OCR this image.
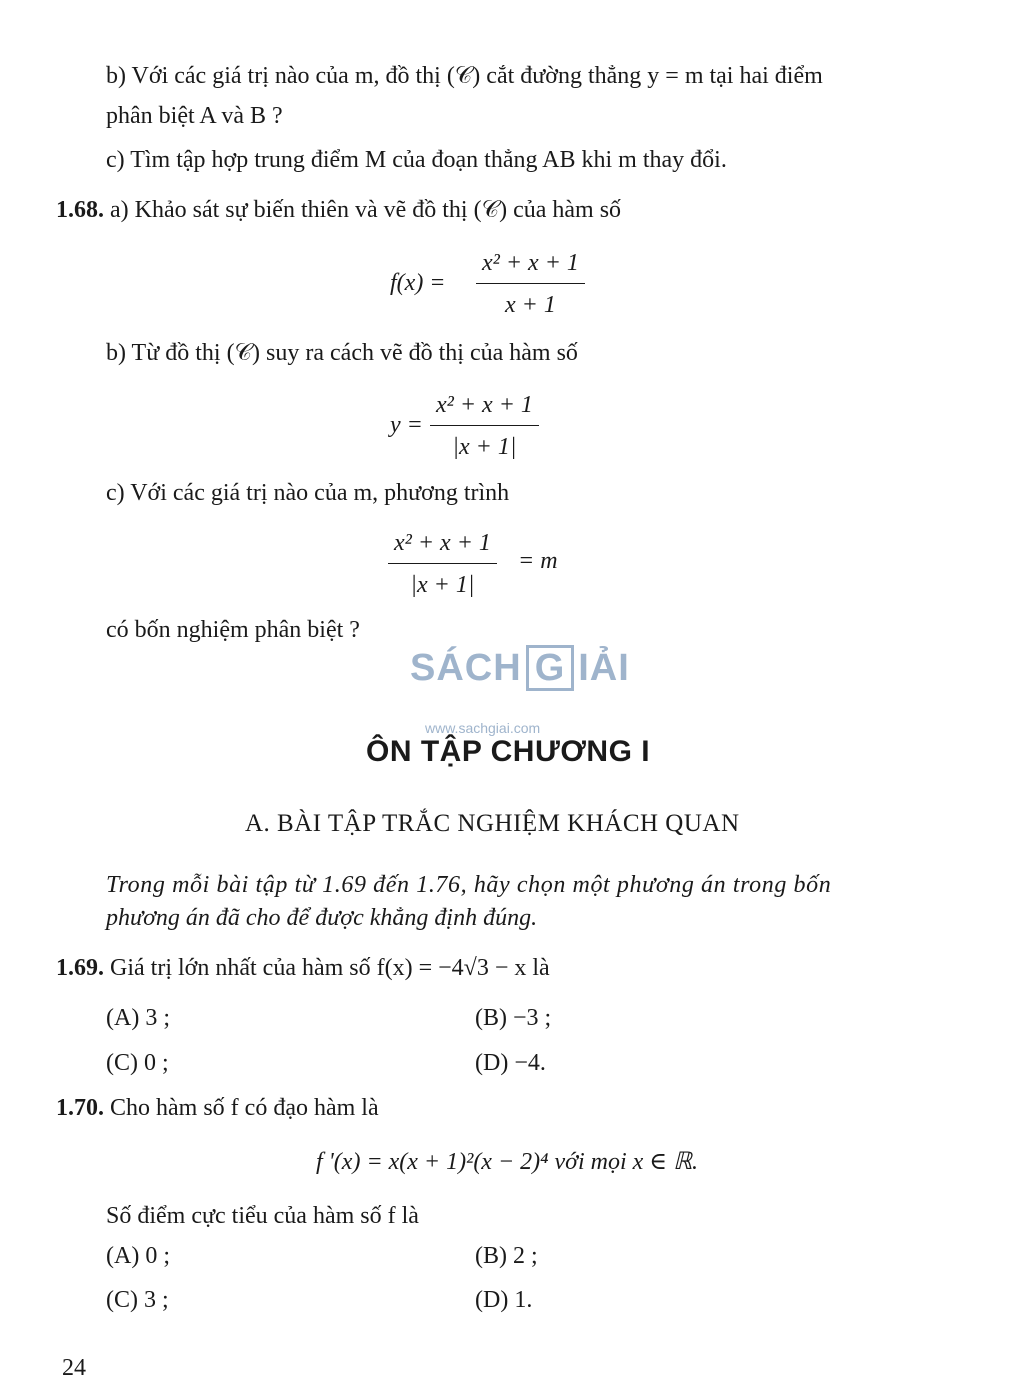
b) Với các giá trị nào của m, đồ thị (𝒞) cắt đường thẳng y = m tại hai điểm
phân biệt A và B ?
c) Tìm tập hợp trung điểm M của đoạn thẳng AB khi m thay đổi.
1.68. a) Khảo sát sự biến thiên và vẽ đồ thị (𝒞) của hàm số
f(x) =
x² + x + 1
x + 1
b) Từ đồ thị (𝒞) suy ra cách vẽ đồ thị của hàm số
y =
x² + x + 1
|x + 1|
c) Với các giá trị nào của m, phương trình
x² + x + 1
|x + 1|
= m
có bốn nghiệm phân biệt ?
SÁCH G IẢI
www.sachgiai.com
ÔN TẬP CHƯƠNG I
A. BÀI TẬP TRẮC NGHIỆM KHÁCH QUAN
Trong mỗi bài tập từ 1.69 đến 1.76, hãy chọn một phương án trong bốn
phương án đã cho để được khẳng định đúng.
1.69. Giá trị lớn nhất của hàm số f(x) = −4√3 − x là
(A) 3 ;	(B) −3 ;
(C) 0 ;	(D) −4.
1.70. Cho hàm số f có đạo hàm là
f '(x) = x(x + 1)²(x − 2)⁴ với mọi x ∈ ℝ.
Số điểm cực tiểu của hàm số f là
(A) 0 ;	(B) 2 ;
(C) 3 ;	(D) 1.
24
